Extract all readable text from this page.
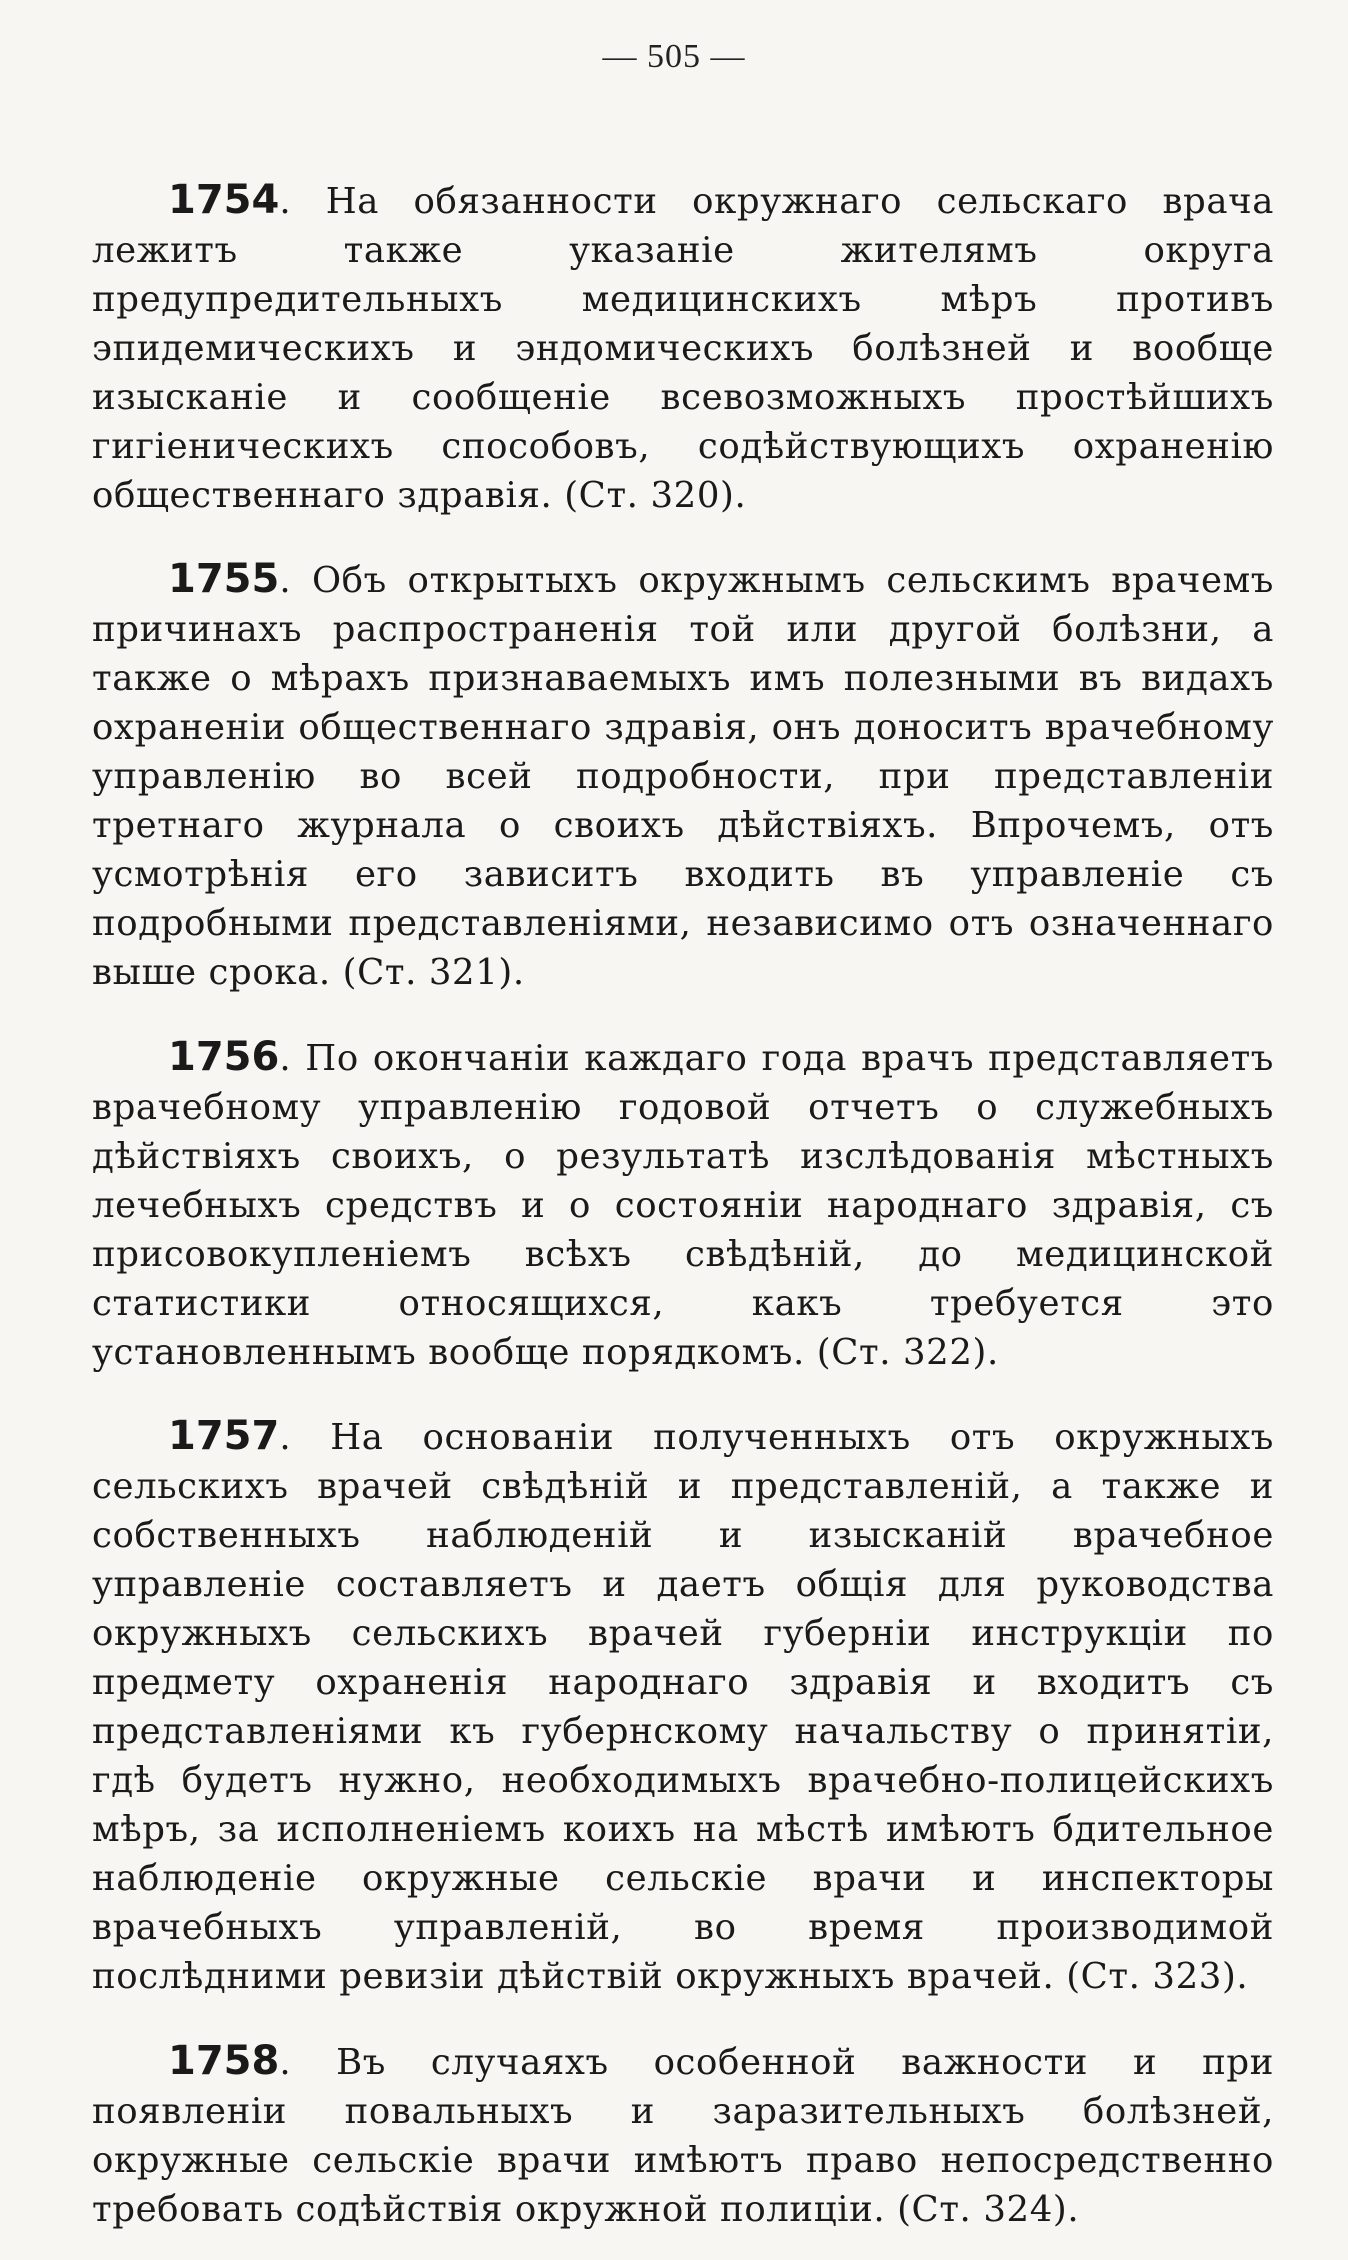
— 505 —

1754. На обязанности окружнаго сельскаго врача лежитъ также указаніе жителямъ округа предупредительныхъ медицинскихъ мѣръ противъ эпидемическихъ и эндомическихъ болѣзней и вообще изысканіе и сообщеніе всевозможныхъ простѣйшихъ гигіеническихъ способовъ, содѣйствующихъ охраненію общественнаго здравія. (Ст. 320).

1755. Объ открытыхъ окружнымъ сельскимъ врачемъ причинахъ распространенія той или другой болѣзни, а также о мѣрахъ признаваемыхъ имъ полезными въ видахъ охраненіи общественнаго здравія, онъ доноситъ врачебному управленію во всей подробности, при представленіи третнаго журнала о своихъ дѣйствіяхъ. Впрочемъ, отъ усмотрѣнія его зависитъ входить въ управленіе съ подробными представленіями, независимо отъ означеннаго выше срока. (Ст. 321).

1756. По окончаніи каждаго года врачъ представляетъ врачебному управленію годовой отчетъ о служебныхъ дѣйствіяхъ своихъ, о результатѣ изслѣдованія мѣстныхъ лечебныхъ средствъ и о состояніи народнаго здравія, съ присовокупленіемъ всѣхъ свѣдѣній, до медицинской статистики относящихся, какъ требуется это установленнымъ вообще порядкомъ. (Ст. 322).

1757. На основаніи полученныхъ отъ окружныхъ сельскихъ врачей свѣдѣній и представленій, а также и собственныхъ наблюденій и изысканій врачебное управленіе составляетъ и даетъ общія для руководства окружныхъ сельскихъ врачей губерніи инструкціи по предмету охраненія народнаго здравія и входитъ съ представленіями къ губернскому начальству о принятіи, гдѣ будетъ нужно, необходимыхъ врачебно-полицейскихъ мѣръ, за исполненіемъ коихъ на мѣстѣ имѣютъ бдительное наблюденіе окружные сельскіе врачи и инспекторы врачебныхъ управленій, во время производимой послѣдними ревизіи дѣйствій окружныхъ врачей. (Ст. 323).

1758. Въ случаяхъ особенной важности и при появленіи повальныхъ и заразительныхъ болѣзней, окружные сельскіе врачи имѣютъ право непосредственно требовать содѣйствія окружной полиціи. (Ст. 324).
